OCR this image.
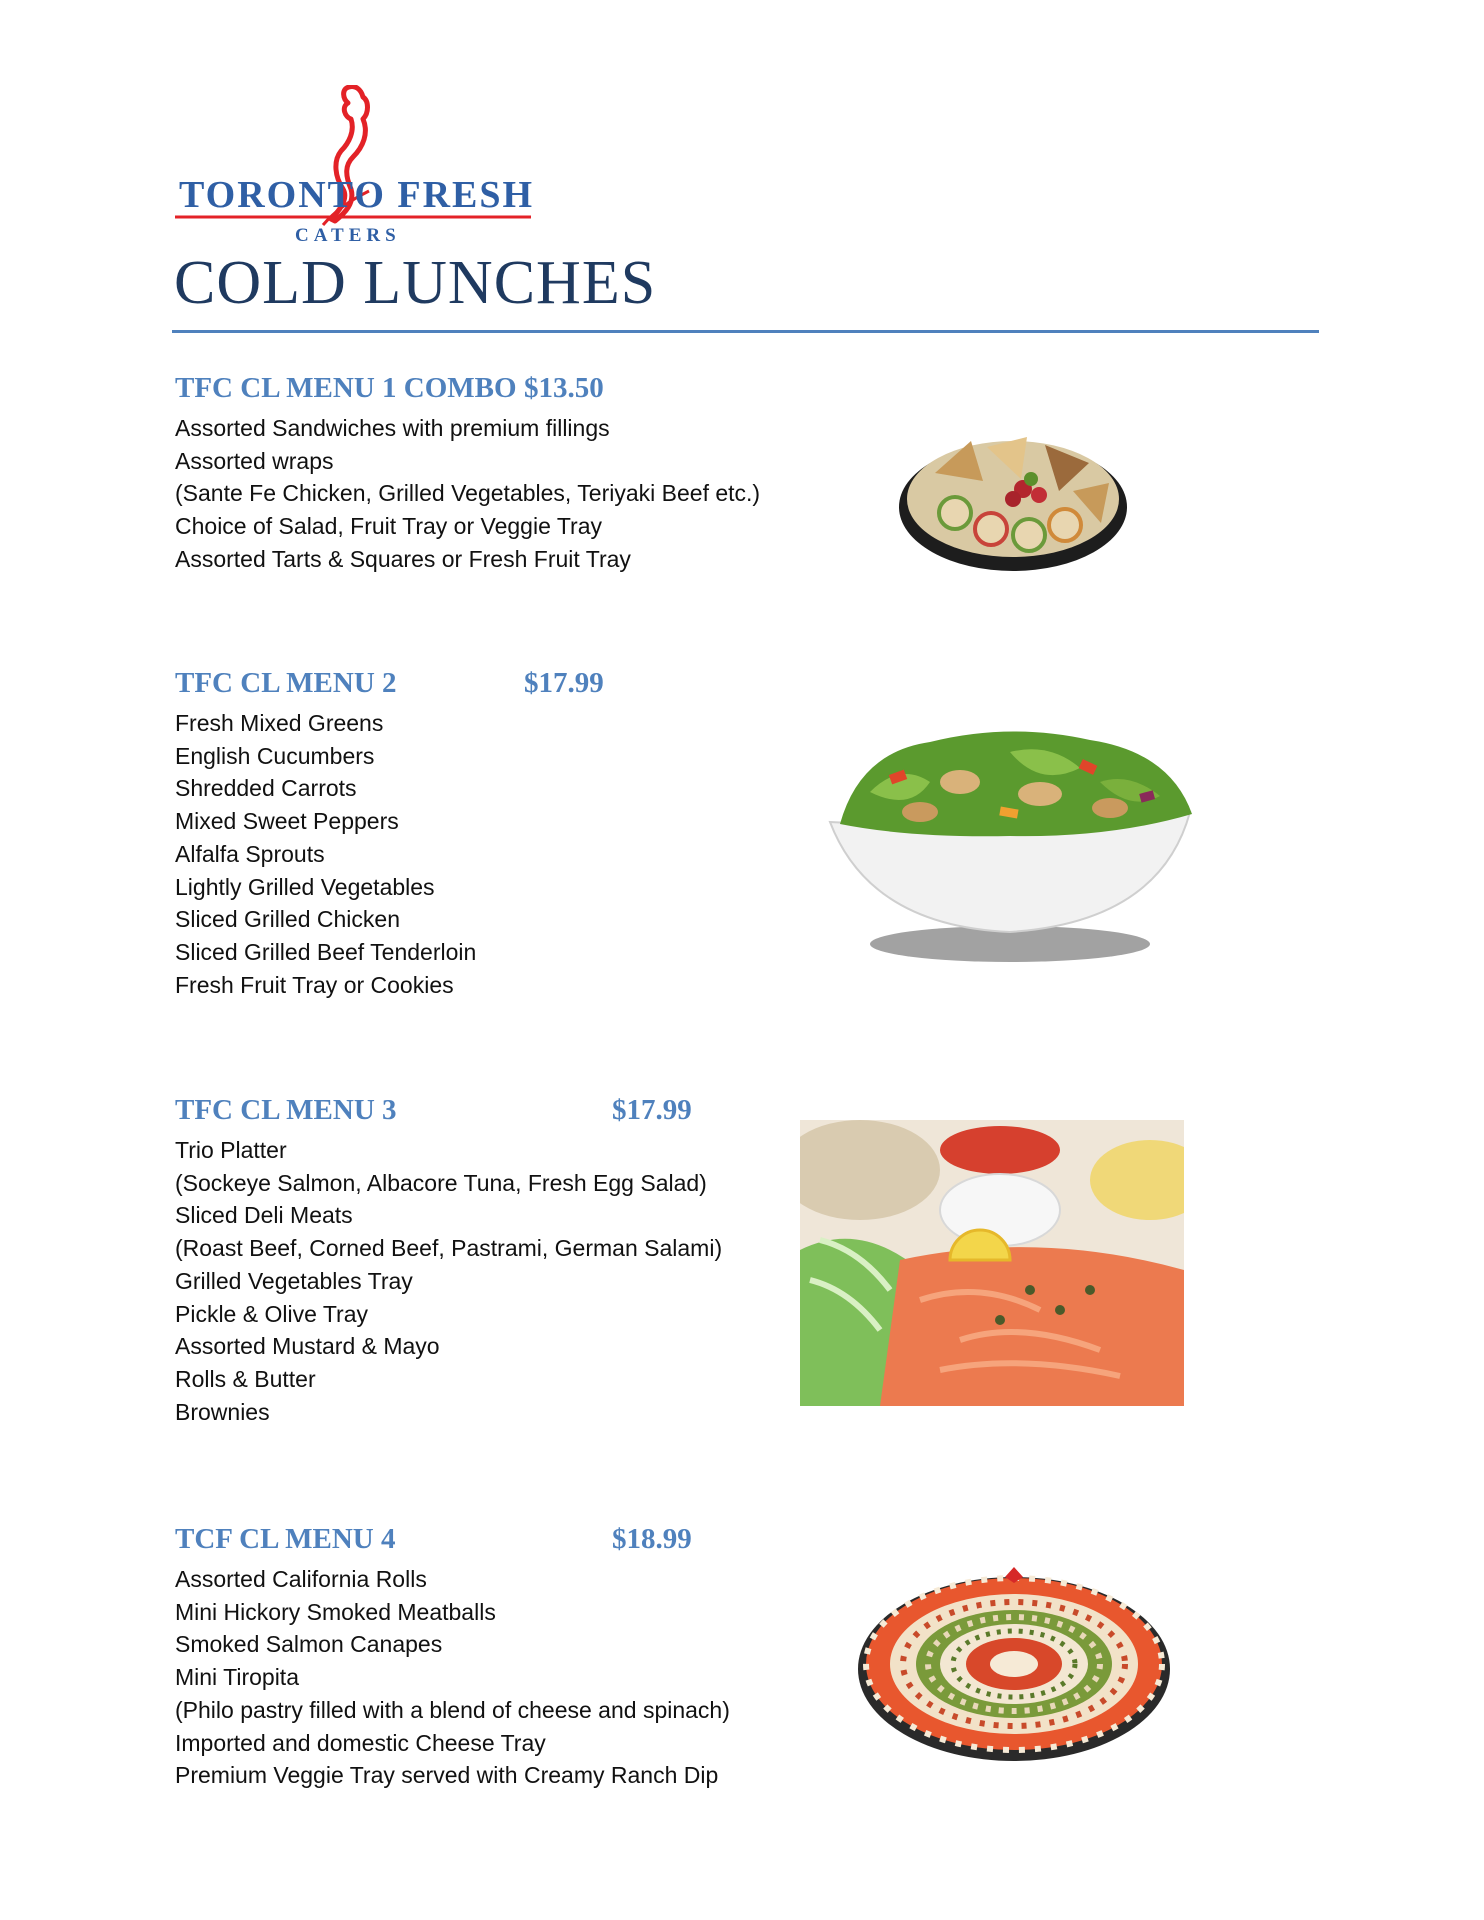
TORONTO FRESH
CATERS
COLD LUNCHES
TFC CL MENU 1 COMBO $13.50
Assorted Sandwiches with premium fillings
Assorted wraps
(Sante Fe Chicken, Grilled Vegetables, Teriyaki Beef etc.)
Choice of Salad, Fruit Tray or Veggie Tray
Assorted Tarts & Squares or Fresh Fruit Tray
TFC CL MENU 2	$17.99
Fresh Mixed Greens
English Cucumbers
Shredded Carrots
Mixed Sweet Peppers
Alfalfa Sprouts
Lightly Grilled Vegetables
Sliced Grilled Chicken
Sliced Grilled Beef Tenderloin
Fresh Fruit Tray or Cookies
TFC CL MENU 3	$17.99
Trio Platter
(Sockeye Salmon, Albacore Tuna, Fresh Egg Salad)
Sliced Deli Meats
(Roast Beef, Corned Beef, Pastrami, German Salami)
Grilled Vegetables Tray
Pickle & Olive Tray
Assorted Mustard & Mayo
Rolls & Butter
Brownies
TCF CL MENU 4	$18.99
Assorted California Rolls
Mini Hickory Smoked Meatballs
Smoked Salmon Canapes
Mini Tiropita
(Philo pastry filled with a blend of cheese and spinach)
Imported and domestic Cheese Tray
Premium Veggie Tray served with Creamy Ranch Dip
